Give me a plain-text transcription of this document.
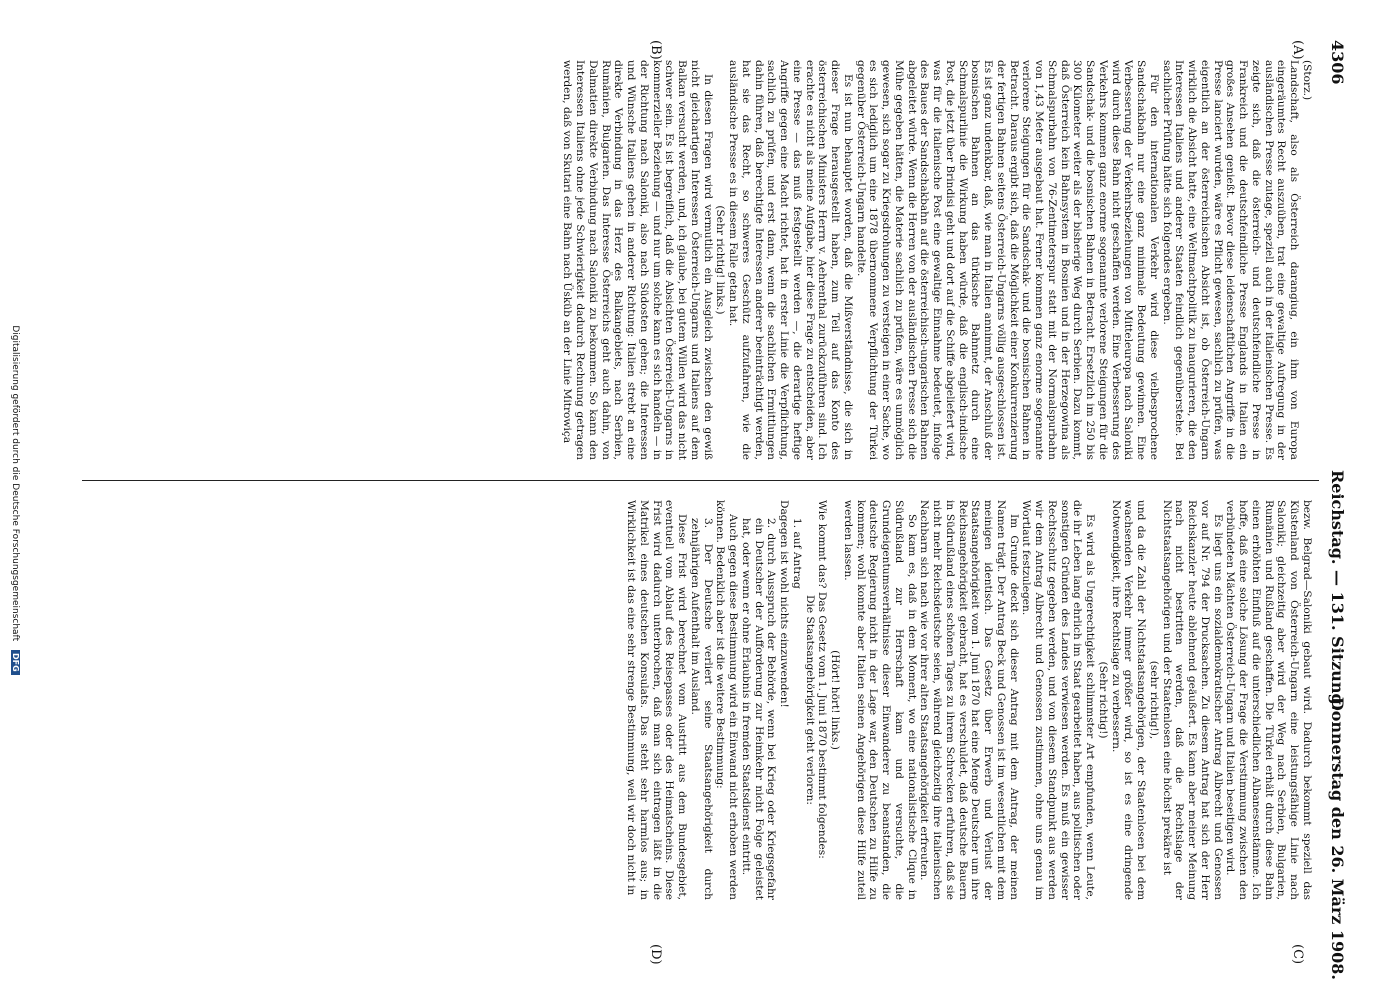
4306
Reichstag. — 131. Sitzung.
Donnerstag den 26. März 1908.
(A)
(B)
(C)
(D)

(Storz.)

Landschaft, also als Österreich darangiug, ein ihm von Europa eingeräumtes Recht auszuüben, trat eine gewaltige Aufregung in der ausländischen Presse zutage, speziell auch in der italienischen Presse. Es zeigte sich, daß die österreich- und deutschfeindliche Presse in Frankreich und die deutschfeindliche Presse Englands in Italien ein großes Ansehen genießt. Bevor diese leidenschaftlichen Angriffe in die Presse lanciert wurden, wäre es Pflicht gewesen, sachlich zu prüfen, was eigentlich an der österreichischen Absicht ist, ob Österreich-Ungarn wirklich die Absicht hatte, eine Weltmachtpolitik zu inaugurieren, die den Interessen Italiens und anderer Staaten feindlich gegenüberstehe. Bei sachlicher Prüfung hätte sich folgendes ergeben.

Für den internationalen Verkehr wird diese vielbesprochene Sandschakbahn nur eine ganz minimale Bedeutung gewinnen. Eine Verbesserung der Verkehrsbeziehungen von Mitteleuropa nach Saloniki wird durch diese Bahn nicht geschaffen werden. Eine Verbesserung des Verkehrs kommen ganz enorme sogenannte verlorene Steigungen für die Sandschak- und die bosnischen Bahnen in Betracht. Ersetzlich im 250 bis 300 Kilometer weiter als der bisherige Weg durch Serbien. Dazu kommt, daß Österreich kein Bahnsystem in Bosnien und in der Herzegowina als Schmalspurbahn von 76-Zentimeterspur statt mit der Normalspurbahn von 1,43 Meter ausgebaut hat. Ferner kommen ganz enorme sogenannte verlorene Steigungen für die Sandschak- und die bosnischen Bahnen in Betracht. Daraus ergibt sich, daß die Möglichkeit einer Konkurrenzierung der fertigen Bahnen seitens Österreich-Ungarns völlig ausgeschlossen ist. Es ist ganz undenkbar, daß, wie man in Italien annimmt, der Anschluß der bosnischen Bahnen an das türkische Bahnnetz durch eine Schmalspurlinie die Wirkung haben würde, daß die englisch-indische Post, die jetzt über Brindisi geht und dort auf die Schiffe abgeliefert wird, was für die italienische Post eine gewaltige Einnahme bedeutet, infolge des Baues der Sandschakbahn auf die österreichisch-ungarischen Bahnen abgeleitet würde. Wenn die Herren von der ausländischen Presse sich die Mühe gegeben hätten, die Materie sachlich zu prüfen, wäre es unmöglich gewesen, sich sogar zu Kriegsdrohungen zu versteigen in einer Sache, wo es sich lediglich um eine 1878 übernommene Verpflichtung der Türkei gegenüber Österreich-Ungarn handelte.

Es ist nun behauptet worden, daß die Mißverständnisse, die sich in dieser Frage herausgestellt haben, zum Teil auf das Konto des österreichischen Ministers Herrn v. Aehrenthal zurückzuführen sind. Ich erachte es nicht als meine Aufgabe, hier diese Frage zu entscheiden, aber eine Presse — das muß festgestellt werden —, die derartige heftige Angriffe gegen eine Macht richtet, hat in erster Linie die Verpflichtung, sachlich zu prüfen, und erst dann, wenn die sachlichen Ermittlungen dahin führen, daß berechtigte Interessen anderer beeinträchtigt werden, hat sie das Recht, so schweres Geschütz aufzufahren, wie die ausländische Presse es in diesem Falle getan hat.

(Sehr richtig! links.)

In diesen Fragen wird vermutlich ein Ausgleich zwischen den gewiß nicht gleichartigen Interessen Österreich-Ungarns und Italiens auf dem Balkan versucht werden, und, ich glaube, bei gutem Willen wird das nicht schwer sein. Es ist begreiflich, daß die Absichten Österreich-Ungarns in kommerzieller Beziehung — und nur um solche kann es sich handeln — in der Richtung nach Saloniki, also nach Südosten gehen; die Interessen und Wünsche Italiens gehen in anderer Richtung: Italien strebt an eine direkte Verbindung in das Herz des Balkangebiets, nach Serbien, Rumänien, Bulgarien. Das Interesse Österreichs geht auch dahin, von Dalmatien direkte Verbindung nach Saloniki zu bekommen. So kann den Interessen Italiens ohne jede Schwierigkeit dadurch Rechnung getragen werden, daß von Skutari eine Bahn nach Üsküb an der Linie Mitrowiça

bezw. Belgrad—Saloniki gebaut wird. Dadurch bekommt speziell das Küstenland von Österreich-Ungarn eine leistungsfähige Linie nach Saloniki; gleichzeitig aber wird der Weg nach Serbien, Bulgarien, Rumänien und Rußland geschaffen. Die Türkei erhält durch diese Bahn einen erhöhten Einfluß auf die unterschiedlichen Albanesenstämme. Ich hoffe, daß eine solche Lösung der Frage die Verstimmung zwischen den verbündeten Mächten Österreich-Ungarn und Italien beseitigen wird.

Es liegt uns ein sozialdemokratischer Antrag Albrecht und Genossen vor auf Nr. 794 der Drucksachen. Zu diesem Antrag hat sich der Herr Reichskanzler heute ablehnend geäußert. Es kann aber meiner Meinung nach nicht bestritten werden, daß die Rechtslage der Nichtstaatsangehörigen und der Staatenlosen eine höchst prekäre ist

(sehr richtig!),

und da die Zahl der Nichtstaatsangehörigen, der Staatenlosen bei dem wachsenden Verkehr immer größer wird, so ist es eine dringende Notwendigkeit, ihre Rechtslage zu verbessern.

(Sehr richtig!)

Es wird als Ungerechtigkeit schlimmster Art empfunden, wenn Leute, die ihr Leben lang ehrlich im Staat gearbeitet haben, aus politischen oder sonstigen Gründen des Landes verwiesen werden. Es muß ein gewisser Rechtsschutz gegeben werden, und von diesem Standpunkt aus werden wir dem Antrag Albrecht und Genossen zustimmen, ohne uns genau im Wortlaut festzulegen.

Im Grunde deckt sich dieser Antrag mit dem Antrag, der meinen Namen trägt. Der Antrag Beck und Genossen ist im wesentlichen mit dem meinigen identisch. Das Gesetz über Erwerb und Verlust der Staatsangehörigkeit vom 1. Juni 1870 hat eine Menge Deutscher um ihre Reichsangehörigkeit gebracht, hat es verschuldet, daß deutsche Bauern in Südrußland eines schönen Tages zu ihrem Schrecken erfuhren, daß sie nicht mehr Reichsdeutsche seien, während gleichzeitig ihre italienischen Nachbarn sich nach wie vor ihrer alten Staatsangehörigkeit erfreuten.

So kam es, daß in dem Moment, wo eine nationalistische Clique in Südrußland zur Herrschaft kam und versuchte, die Grundeigentumsverhältnisse dieser Einwanderer zu beanstanden, die deutsche Regierung nicht in der Lage war, den Deutschen zu Hilfe zu kommen; wohl konnte aber Italien seinen Angehörigen diese Hilfe zuteil werden lassen.

(Hört! hört! links.)

Wie kommt das? Das Gesetz vom 1. Juni 1870 bestimmt folgendes:

Die Staatsangehörigkeit geht verloren:

1. auf Antrag

Dagegen ist wohl nichts einzuwenden!

2. durch Ausspruch der Behörde, wenn bei Krieg oder Kriegsgefahr ein Deutscher der Aufforderung zur Heimkehr nicht Folge geleistet hat, oder wenn er ohne Erlaubnis in fremden Staatsdienst eintritt.

Auch gegen diese Bestimmung wird ein Einwand nicht erhoben werden können. Bedenklich aber ist die weitere Bestimmung:

3. Der Deutsche verliert seine Staatsangehörigkeit durch zehnjährigen Aufenthalt im Ausland.

Diese Frist wird berechnet vom Austritt aus dem Bundesgebiet, eventuell vom Ablauf des Reisepasses oder des Heimatscheins. Diese Frist wird dadurch unterbrochen, daß man sich eintragen läßt in die Matrikel eines deutschen Konsulats. Das steht sehr harmlos aus; in Wirklichkeit ist das eine sehr strenge Bestimmung, weil wir doch nicht in

Digitalisierung gefördert durch die Deutsche Forschungsgemeinschaft DFG
